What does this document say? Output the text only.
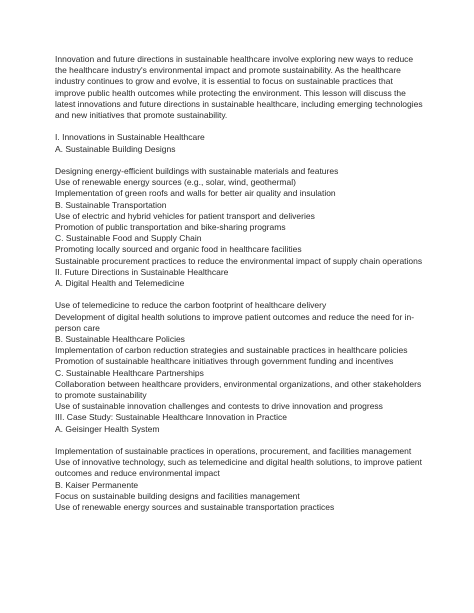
Innovation and future directions in sustainable healthcare involve exploring new ways to reduce the healthcare industry's environmental impact and promote sustainability. As the healthcare industry continues to grow and evolve, it is essential to focus on sustainable practices that improve public health outcomes while protecting the environment. This lesson will discuss the latest innovations and future directions in sustainable healthcare, including emerging technologies and new initiatives that promote sustainability.

I. Innovations in Sustainable Healthcare
A. Sustainable Building Designs
Designing energy-efficient buildings with sustainable materials and features
Use of renewable energy sources (e.g., solar, wind, geothermal)
Implementation of green roofs and walls for better air quality and insulation
B. Sustainable Transportation
Use of electric and hybrid vehicles for patient transport and deliveries
Promotion of public transportation and bike-sharing programs
C. Sustainable Food and Supply Chain
Promoting locally sourced and organic food in healthcare facilities
Sustainable procurement practices to reduce the environmental impact of supply chain operations
II. Future Directions in Sustainable Healthcare
A. Digital Health and Telemedicine
Use of telemedicine to reduce the carbon footprint of healthcare delivery
Development of digital health solutions to improve patient outcomes and reduce the need for in-person care
B. Sustainable Healthcare Policies
Implementation of carbon reduction strategies and sustainable practices in healthcare policies
Promotion of sustainable healthcare initiatives through government funding and incentives
C. Sustainable Healthcare Partnerships
Collaboration between healthcare providers, environmental organizations, and other stakeholders to promote sustainability
Use of sustainable innovation challenges and contests to drive innovation and progress
III. Case Study: Sustainable Healthcare Innovation in Practice
A. Geisinger Health System
Implementation of sustainable practices in operations, procurement, and facilities management
Use of innovative technology, such as telemedicine and digital health solutions, to improve patient outcomes and reduce environmental impact
B. Kaiser Permanente
Focus on sustainable building designs and facilities management
Use of renewable energy sources and sustainable transportation practices
